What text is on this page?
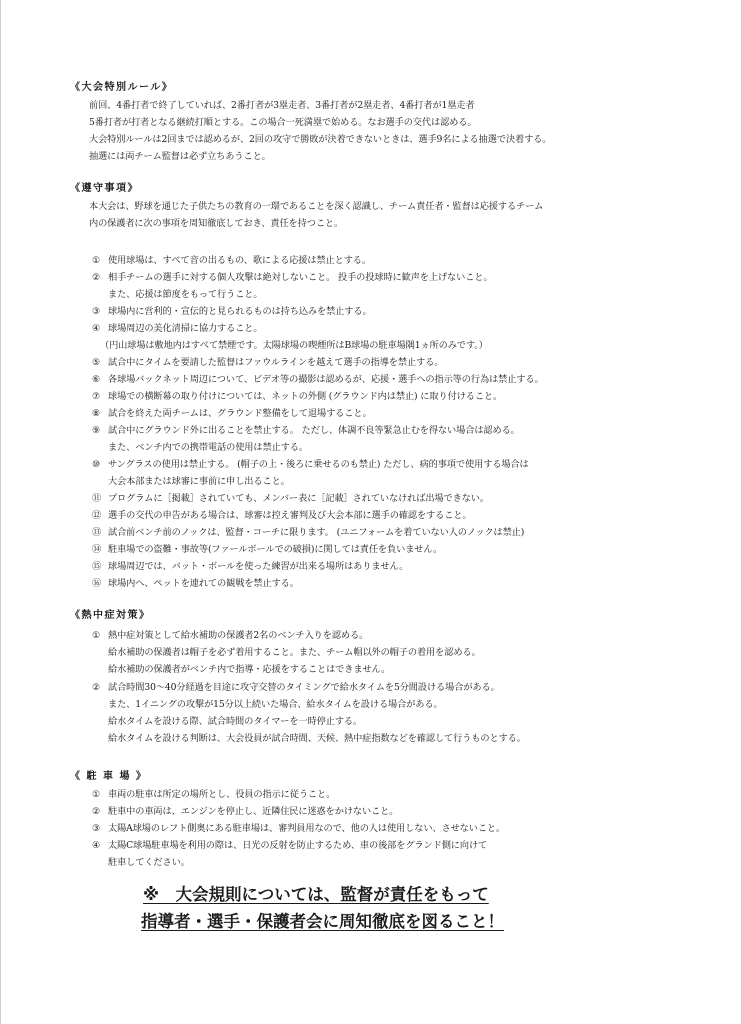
《大会特別ルール》
前回、4番打者で終了していれば、2番打者が3塁走者、3番打者が2塁走者、4番打者が1塁走者
5番打者が打者となる継続打順とする。この場合一死満塁で始める。なお選手の交代は認める。
大会特別ルールは2回までは認めるが、2回の攻守で勝敗が決着できないときは、選手9名による抽選で決着する。
抽選には両チーム監督は必ず立ちあうこと。
《遵守事項》
本大会は、野球を通じた子供たちの教育の一環であることを深く認識し、チーム責任者・監督は応援するチーム
内の保護者に次の事項を周知徹底しておき、責任を持つこと。
① 使用球場は、すべて音の出るもの、歌による応援は禁止とする。
② 相手チームの選手に対する個人攻撃は絶対しないこと。 投手の投球時に歓声を上げないこと。
また、応援は節度をもって行うこと。
③ 球場内に営利的・宣伝的と見られるものは持ち込みを禁止する。
④ 球場周辺の美化清掃に協力すること。
（円山球場は敷地内はすべて禁煙です。太陽球場の喫煙所はB球場の駐車場隅1ヵ所のみです。）
⑤ 試合中にタイムを要請した監督はファウルラインを越えて選手の指導を禁止する。
⑥ 各球場バックネット周辺について、ビデオ等の撮影は認めるが、応援・選手への指示等の行為は禁止する。
⑦ 球場での横断幕の取り付けについては、ネットの外側 (グラウンド内は禁止) に取り付けること。
⑧ 試合を終えた両チームは、グラウンド整備をして退場すること。
⑨ 試合中にグラウンド外に出ることを禁止する。 ただし、体調不良等緊急止むを得ない場合は認める。
また、ベンチ内での携帯電話の使用は禁止する。
⑩ サングラスの使用は禁止する。 (帽子の上・後ろに乗せるのも禁止) ただし、病的事項で使用する場合は
大会本部または球審に事前に申し出ること。
⑪ プログラムに［掲載］されていても、メンバー表に［記載］されていなければ出場できない。
⑫ 選手の交代の申告がある場合は、球審は控え審判及び大会本部に選手の確認をすること。
⑬ 試合前ベンチ前のノックは、監督・コーチに限ります。 (ユニフォームを着ていない人のノックは禁止)
⑭ 駐車場での盗難・事故等(ファールボールでの破損)に関しては責任を負いません。
⑮ 球場周辺では、バット・ボールを使った練習が出来る場所はありません。
⑯ 球場内へ、ペットを連れての観戦を禁止する。
《熱中症対策》
① 熱中症対策として給水補助の保護者2名のベンチ入りを認める。
給水補助の保護者は帽子を必ず着用すること。また、チーム帽以外の帽子の着用を認める。
給水補助の保護者がベンチ内で指導・応援をすることはできません。
② 試合時間30～40分経過を目途に攻守交替のタイミングで給水タイムを5分間設ける場合がある。
また、1イニングの攻撃が15分以上続いた場合、給水タイムを設ける場合がある。
給水タイムを設ける際、試合時間のタイマーを一時停止する。
給水タイムを設ける判断は、大会役員が試合時間、天候、熱中症指数などを確認して行うものとする。
《 駐 車 場 》
① 車両の駐車は所定の場所とし、役員の指示に従うこと。
② 駐車中の車両は、エンジンを停止し、近隣住民に迷惑をかけないこと。
③ 太陽A球場のレフト側奥にある駐車場は、審判員用なので、他の人は使用しない、させないこと。
④ 太陽C球場駐車場を利用の際は、日光の反射を防止するため、車の後部をグランド側に向けて
駐車してください。
※　大会規則については、監督が責任をもって
指導者・選手・保護者会に周知徹底を図ること！
